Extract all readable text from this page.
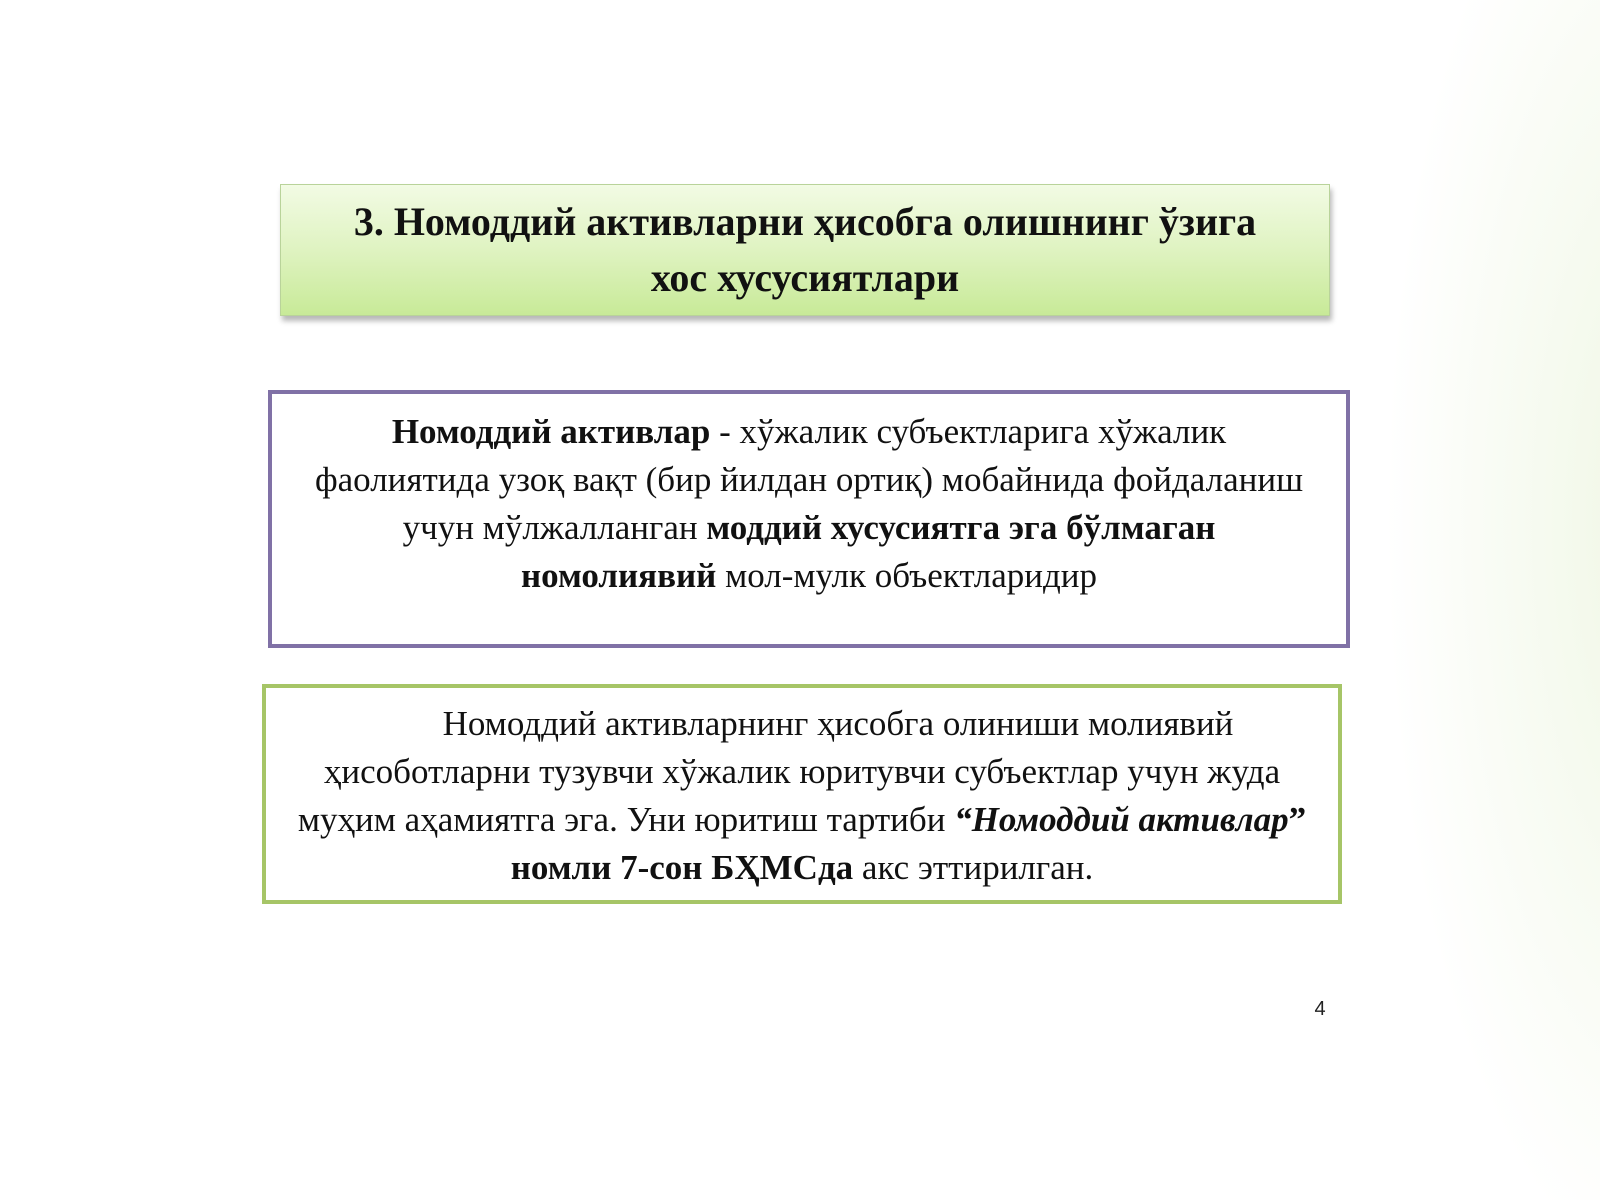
3. Номоддий активларни ҳисобга олишнинг ўзига хос хусусиятлари

Номоддий активлар - хўжалик субъектларига хўжалик фаолиятида узоқ вақт (бир йилдан ортиқ) мобайнида фойдаланиш учун мўлжалланган моддий хусусиятга эга бўлмаган номолиявий мол-мулк объектларидир

Номоддий активларнинг ҳисобга олиниши молиявий ҳисоботларни тузувчи хўжалик юритувчи субъектлар учун жуда муҳим аҳамиятга эга. Уни юритиш тартиби “Номоддий активлар” номли 7-сон БҲМСда акс эттирилган.

4
